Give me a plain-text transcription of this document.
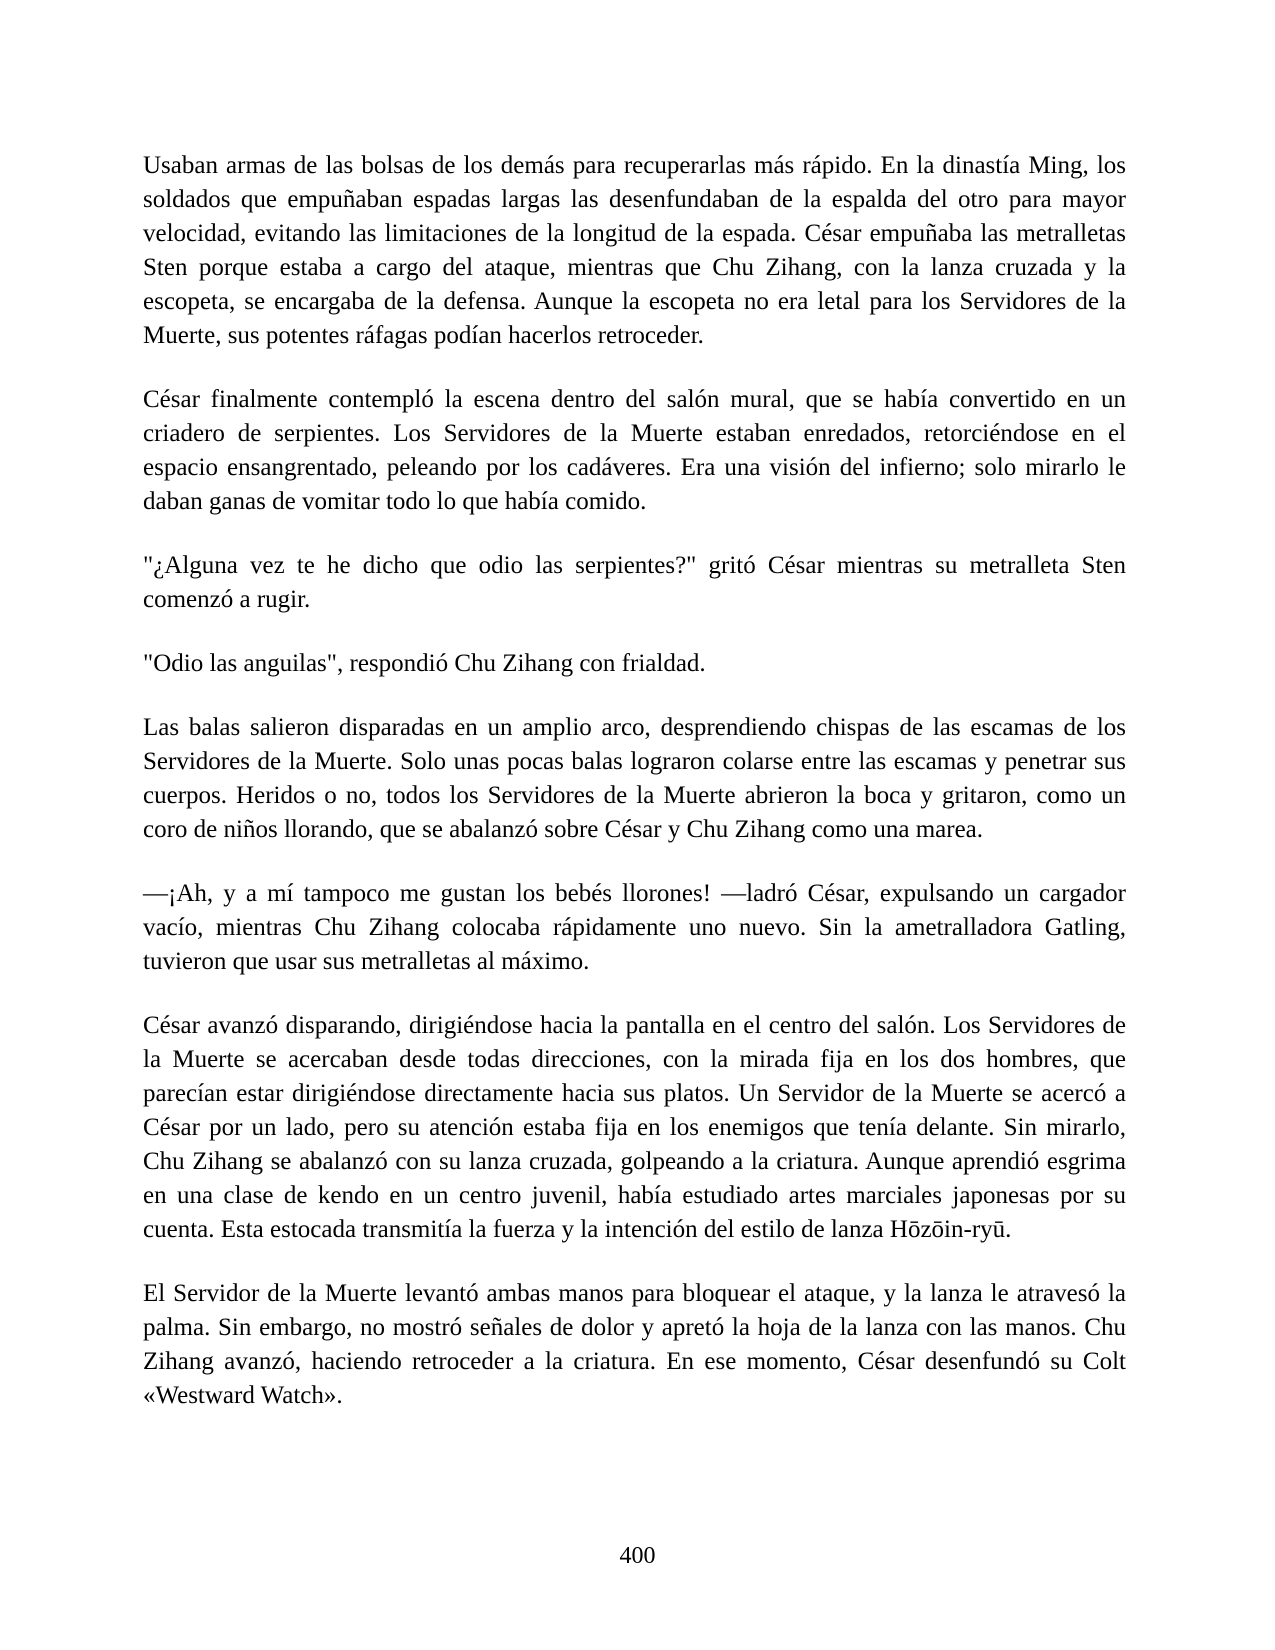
Usaban armas de las bolsas de los demás para recuperarlas más rápido. En la dinastía Ming, los soldados que empuñaban espadas largas las desenfundaban de la espalda del otro para mayor velocidad, evitando las limitaciones de la longitud de la espada. César empuñaba las metralletas Sten porque estaba a cargo del ataque, mientras que Chu Zihang, con la lanza cruzada y la escopeta, se encargaba de la defensa. Aunque la escopeta no era letal para los Servidores de la Muerte, sus potentes ráfagas podían hacerlos retroceder.

César finalmente contempló la escena dentro del salón mural, que se había convertido en un criadero de serpientes. Los Servidores de la Muerte estaban enredados, retorciéndose en el espacio ensangrentado, peleando por los cadáveres. Era una visión del infierno; solo mirarlo le daban ganas de vomitar todo lo que había comido.

"¿Alguna vez te he dicho que odio las serpientes?" gritó César mientras su metralleta Sten comenzó a rugir.

"Odio las anguilas", respondió Chu Zihang con frialdad.

Las balas salieron disparadas en un amplio arco, desprendiendo chispas de las escamas de los Servidores de la Muerte. Solo unas pocas balas lograron colarse entre las escamas y penetrar sus cuerpos. Heridos o no, todos los Servidores de la Muerte abrieron la boca y gritaron, como un coro de niños llorando, que se abalanzó sobre César y Chu Zihang como una marea.

—¡Ah, y a mí tampoco me gustan los bebés llorones! —ladró César, expulsando un cargador vacío, mientras Chu Zihang colocaba rápidamente uno nuevo. Sin la ametralladora Gatling, tuvieron que usar sus metralletas al máximo.

César avanzó disparando, dirigiéndose hacia la pantalla en el centro del salón. Los Servidores de la Muerte se acercaban desde todas direcciones, con la mirada fija en los dos hombres, que parecían estar dirigiéndose directamente hacia sus platos. Un Servidor de la Muerte se acercó a César por un lado, pero su atención estaba fija en los enemigos que tenía delante. Sin mirarlo, Chu Zihang se abalanzó con su lanza cruzada, golpeando a la criatura. Aunque aprendió esgrima en una clase de kendo en un centro juvenil, había estudiado artes marciales japonesas por su cuenta. Esta estocada transmitía la fuerza y la intención del estilo de lanza Hōzōin-ryū.

El Servidor de la Muerte levantó ambas manos para bloquear el ataque, y la lanza le atravesó la palma. Sin embargo, no mostró señales de dolor y apretó la hoja de la lanza con las manos. Chu Zihang avanzó, haciendo retroceder a la criatura. En ese momento, César desenfundó su Colt «Westward Watch».

400
